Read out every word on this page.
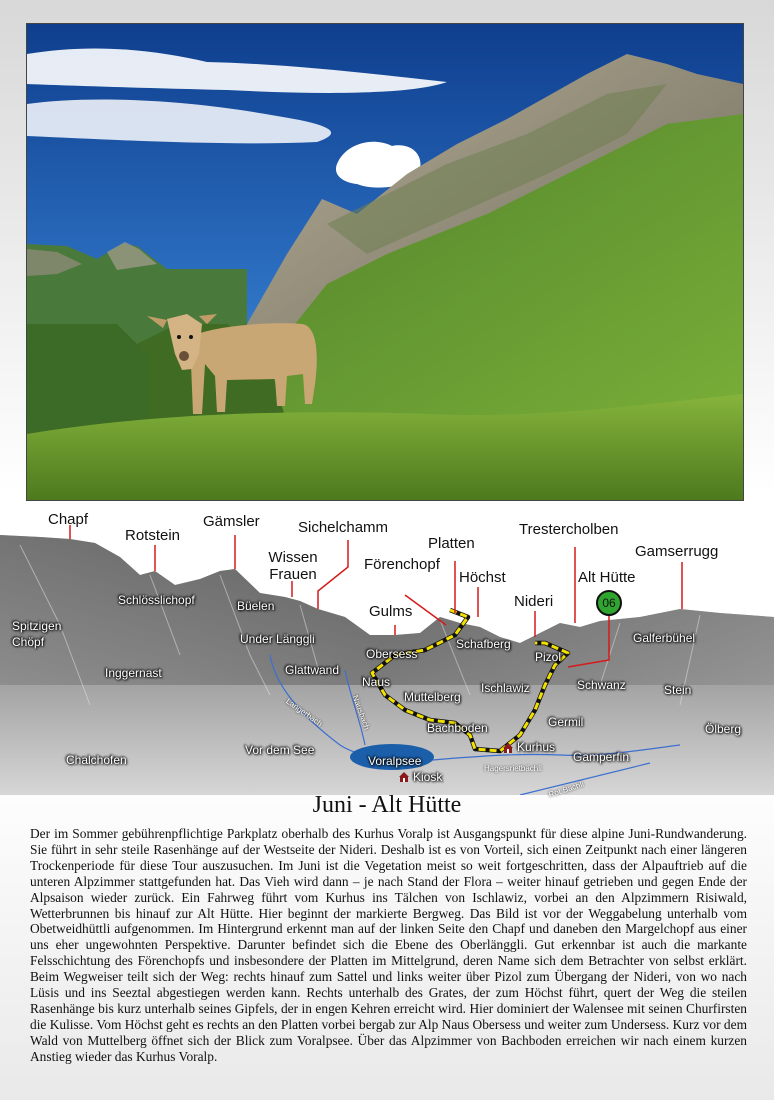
Chapf
Rotstein
Gämsler
Wissen Frauen
Sichelchamm
Förenchopf
Platten
Höchst
Gulms
Nideri
Trestercholben
Alt Hütte
Gamserrugg
06
Spitzigen Chöpf
Schlösslichopf	Büelen
Under Länggli
Inggernast	Glattwand
Obersess
Schafberg
Pizol
Galferbühel
Naus
Muttelberg
Ischlawiz	Schwanz	Stein
Bachboden	Germil
Kurhus
Ölberg
Chalchofen
Vor dem See
Voralpsee	Gamperfin
Kiosk
Langerbach	Nausbach
Hagersrietbächli
Rot Bächli
Juni - Alt Hütte

Der im Sommer gebührenpflichtige Parkplatz oberhalb des Kurhus Voralp ist Ausgangspunkt für diese alpine Juni-Rundwanderung. Sie führt in sehr steile Rasenhänge auf der Westseite der Nideri. Deshalb ist es von Vorteil, sich einen Zeitpunkt nach einer längeren Trockenperiode für diese Tour auszusuchen. Im Juni ist die Vegetation meist so weit fortgeschritten, dass der Alpauftrieb auf die unteren Alpzimmer stattgefunden hat. Das Vieh wird dann – je nach Stand der Flora – weiter hinauf getrieben und gegen Ende der Alpsaison wieder zurück. Ein Fahrweg führt vom Kurhus ins Tälchen von Ischlawiz, vorbei an den Alpzimmern Risiwald, Wetterbrunnen bis hinauf zur Alt Hütte. Hier beginnt der markierte Bergweg. Das Bild ist vor der Weggabelung unterhalb vom Obetweidhüttli aufgenommen. Im Hintergrund erkennt man auf der linken Seite den Chapf und daneben den Margelchopf aus einer uns eher ungewohnten Perspektive. Darunter befindet sich die Ebene des Oberlänggli. Gut erkennbar ist auch die markante Felsschichtung des Förenchopfs und insbesondere der Platten im Mittelgrund, deren Name sich dem Betrachter von selbst erklärt. Beim Wegweiser teilt sich der Weg: rechts hinauf zum Sattel und links weiter über Pizol zum Übergang der Nideri, von wo nach Lüsis und ins Seeztal abgestiegen werden kann. Rechts unterhalb des Grates, der zum Höchst führt, quert der Weg die steilen Rasenhänge bis kurz unterhalb seines Gipfels, der in engen Kehren erreicht wird. Hier dominiert der Walensee mit seinen Churfirsten die Kulisse. Vom Höchst geht es rechts an den Platten vorbei bergab zur Alp Naus Obersess und weiter zum Undersess. Kurz vor dem Wald von Muttelberg öffnet sich der Blick zum Voralpsee. Über das Alpzimmer von Bachboden erreichen wir nach einem kurzen Anstieg wieder das Kurhus Voralp.
